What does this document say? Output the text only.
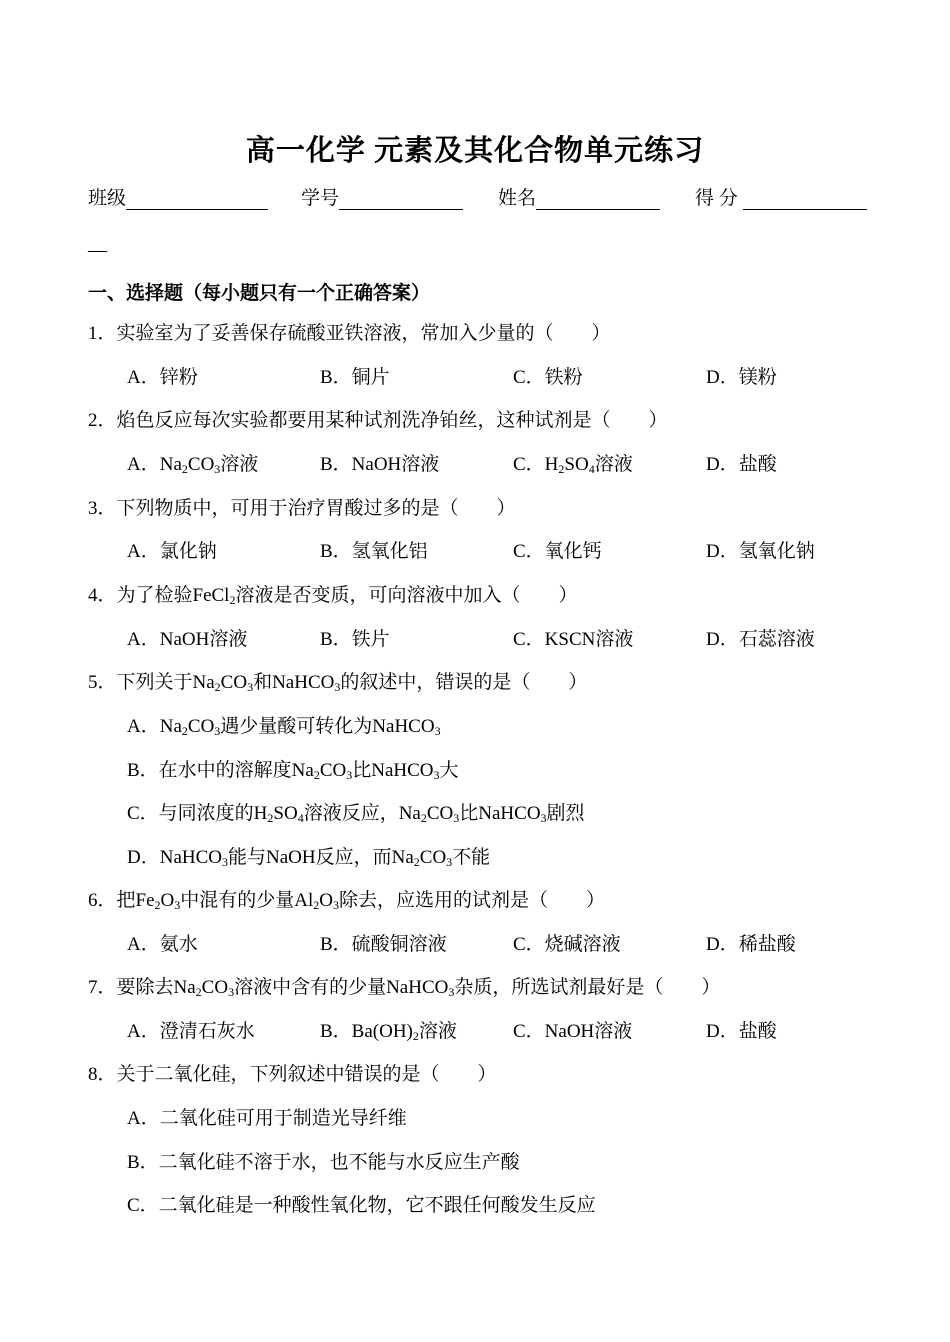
高一化学 元素及其化合物单元练习
班级	学号	姓名	得 分
—
一、选择题（每小题只有一个正确答案）
1．实验室为了妥善保存硫酸亚铁溶液，常加入少量的（　　）
A．锌粉	B．铜片	C．铁粉	D．镁粉
2．焰色反应每次实验都要用某种试剂洗净铂丝，这种试剂是（　　）
A．$Na_2CO_3$溶液	B．NaOH溶液	C．$H_2SO_4$溶液	D．盐酸
3．下列物质中，可用于治疗胃酸过多的是（　　）
A．氯化钠	B．氢氧化铝	C．氧化钙	D．氢氧化钠
4．为了检验FeCl$_2$溶液是否变质，可向溶液中加入（　　）
A．NaOH溶液	B．铁片	C．KSCN溶液	D．石蕊溶液
5．下列关于$Na_2CO_3$和NaHCO$_3$的叙述中，错误的是（　　）
A．$Na_2CO_3$遇少量酸可转化为NaHCO$_3$
B．在水中的溶解度$Na_2CO_3$比NaHCO$_3$大
C．与同浓度的$H_2SO_4$溶液反应，$Na_2CO_3$比NaHCO$_3$剧烈
D．NaHCO$_3$能与NaOH反应，而$Na_2CO_3$不能
6．把$Fe_2O_3$中混有的少量$Al_2O_3$除去，应选用的试剂是（　　）
A．氨水	B．硫酸铜溶液	C．烧碱溶液	D．稀盐酸
7．要除去$Na_2CO_3$溶液中含有的少量NaHCO$_3$杂质，所选试剂最好是（　　）
A．澄清石灰水	B．$Ba(OH)_2$溶液	C．NaOH溶液	D．盐酸
8．关于二氧化硅，下列叙述中错误的是（　　）
A．二氧化硅可用于制造光导纤维
B．二氧化硅不溶于水，也不能与水反应生产酸
C．二氧化硅是一种酸性氧化物，它不跟任何酸发生反应
